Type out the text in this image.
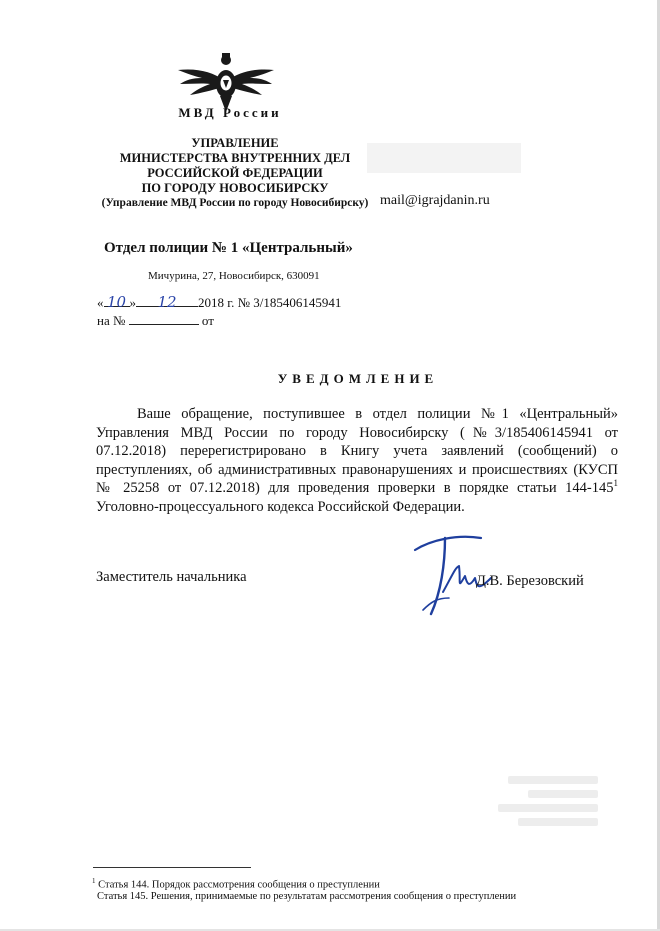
МВД России
УПРАВЛЕНИЕ
МИНИСТЕРСТВА ВНУТРЕННИХ ДЕЛ
РОССИЙСКОЙ ФЕДЕРАЦИИ
ПО ГОРОДУ НОВОСИБИРСКУ
(Управление МВД России по городу Новосибирску) mail@igrajdanin.ru
Отдел полиции № 1 «Центральный»
Мичурина, 27, Новосибирск, 630091
« 10 » 12 2018 г. № 3/185406145941
на №	от
УВЕДОМЛЕНИЕ
Ваше обращение, поступившее в отдел полиции №1 «Центральный» Управления МВД России по городу Новосибирску (№3/185406145941 от 07.12.2018) перерегистрировано в Книгу учета заявлений (сообщений) о преступлениях, об административных правонарушениях и происшествиях (КУСП № 25258 от 07.12.2018) для проведения проверки в порядке статьи 144-145$^1$ Уголовно-процессуального кодекса Российской Федерации.
Заместитель начальника	Д.В. Березовский
$^1$ Статья 144. Порядок рассмотрения сообщения о преступлении
Статья 145. Решения, принимаемые по результатам рассмотрения сообщения о преступлении
